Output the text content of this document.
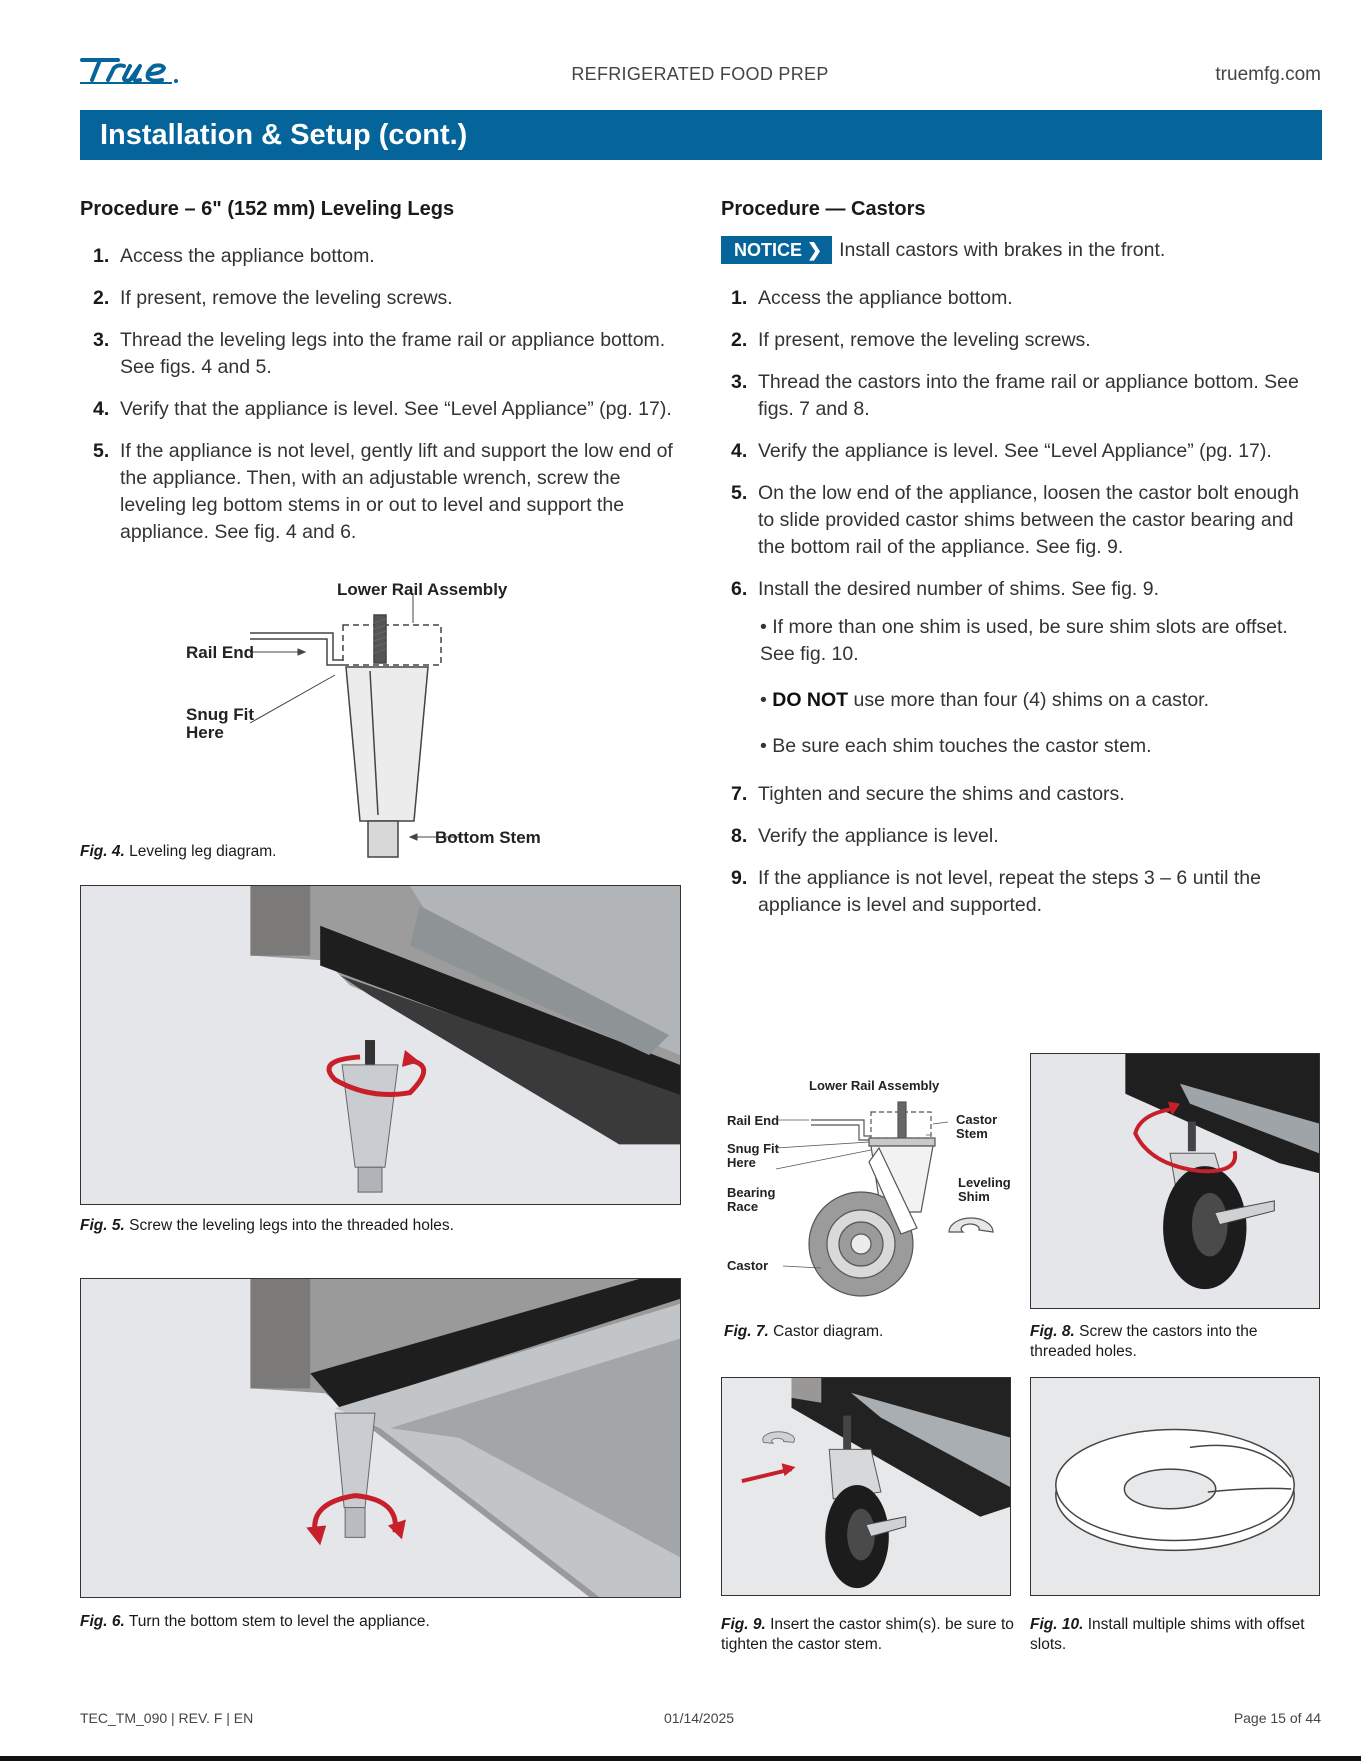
REFRIGERATED FOOD PREP	truemfg.com
Installation & Setup (cont.)
Procedure – 6" (152 mm) Leveling Legs
1. Access the appliance bottom.
2. If present, remove the leveling screws.
3. Thread the leveling legs into the frame rail or appliance bottom. See figs. 4 and 5.
4. Verify that the appliance is level. See “Level Appliance” (pg. 17).
5. If the appliance is not level, gently lift and support the low end of the appliance. Then, with an adjustable wrench, screw the leveling leg bottom stems in or out to level and support the appliance. See fig. 4 and 6.
Lower Rail Assembly
Rail End
Snug Fit
Here
Bottom Stem
Fig. 4. Leveling leg diagram.
Fig. 5. Screw the leveling legs into the threaded holes.
Fig. 6. Turn the bottom stem to level the appliance.
Procedure — Castors
NOTICE ❯ Install castors with brakes in the front.
1. Access the appliance bottom.
2. If present, remove the leveling screws.
3. Thread the castors into the frame rail or appliance bottom. See figs. 7 and 8.
4. Verify the appliance is level. See “Level Appliance” (pg. 17).
5. On the low end of the appliance, loosen the castor bolt enough to slide provided castor shims between the castor bearing and the bottom rail of the appliance. See fig. 9.
6. Install the desired number of shims. See fig. 9.
• If more than one shim is used, be sure shim slots are offset. See fig. 10.
• DO NOT use more than four (4) shims on a castor.
• Be sure each shim touches the castor stem.
7. Tighten and secure the shims and castors.
8. Verify the appliance is level.
9. If the appliance is not level, repeat the steps 3 – 6 until the appliance is level and supported.
Lower Rail Assembly
Rail End
Snug Fit
Here
Bearing
Race
Castor
Castor
Stem
Leveling
Shim
Fig. 7. Castor diagram.	Fig. 8. Screw the castors into the threaded holes.
Fig. 9. Insert the castor shim(s). be sure to tighten the castor stem.
Fig. 10. Install multiple shims with offset slots.
TEC_TM_090 | REV. F | EN	01/14/2025	Page 15 of 44
